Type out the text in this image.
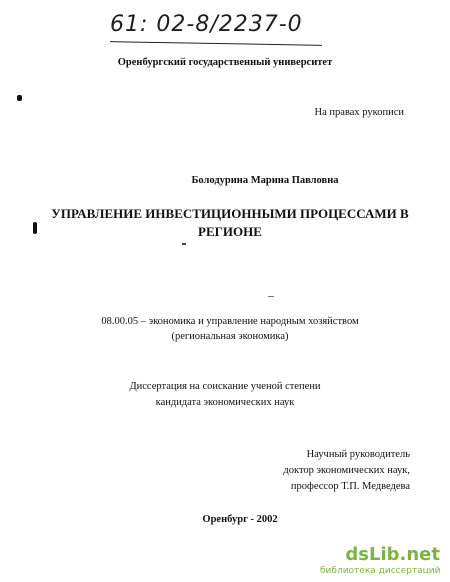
61: 02-8/2237-0
Оренбургский государственный университет
На правах рукописи
Болодурина Марина Павловна
УПРАВЛЕНИЕ ИНВЕСТИЦИОННЫМИ ПРОЦЕССАМИ В
РЕГИОНЕ
08.00.05 – экономика и управление народным хозяйством
(региональная экономика)
Диссертация на соискание ученой степени
кандидата экономических наук
Научный руководитель
доктор экономических наук,
профессор Т.П. Медведева
Оренбург - 2002
dsLib.net
библиотека диссертаций
